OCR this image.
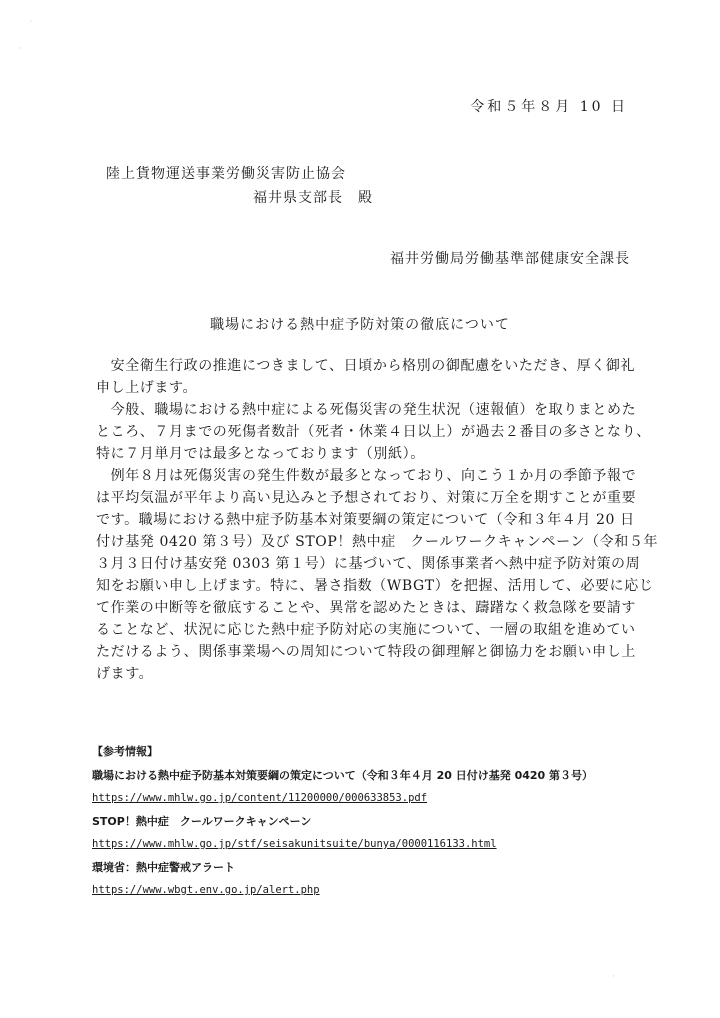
′
·
令和５年８月 10 日
陸上貨物運送事業労働災害防止協会
福井県支部長　殿
福井労働局労働基準部健康安全課長
職場における熱中症予防対策の徹底について

　安全衛生行政の推進につきまして、日頃から格別の御配慮をいただき、厚く御礼

申し上げます。

　今般、職場における熱中症による死傷災害の発生状況（速報値）を取りまとめた

ところ、７月までの死傷者数計（死者・休業４日以上）が過去２番目の多さとなり、

特に７月単月では最多となっております（別紙）。

　例年８月は死傷災害の発生件数が最多となっており、向こう１か月の季節予報で

は平均気温が平年より高い見込みと予想されており、対策に万全を期すことが重要

です。職場における熱中症予防基本対策要綱の策定について（令和３年４月 20 日

付け基発 0420 第３号）及び STOP！熱中症　クールワークキャンペーン（令和５年

３月３日付け基安発 0303 第１号）に基づいて、関係事業者へ熱中症予防対策の周

知をお願い申し上げます。特に、暑さ指数（WBGT）を把握、活用して、必要に応じ

て作業の中断等を徹底することや、異常を認めたときは、躊躇なく救急隊を要請す

ることなど、状況に応じた熱中症予防対応の実施について、一層の取組を進めてい

ただけるよう、関係事業場への周知について特段の御理解と御協力をお願い申し上

げます。

【参考情報】
職場における熱中症予防基本対策要綱の策定について（令和３年４月 20 日付け基発 0420 第３号）
https://www.mhlw.go.jp/content/11200000/000633853.pdf
STOP！熱中症　クールワークキャンペーン
https://www.mhlw.go.jp/stf/seisakunitsuite/bunya/0000116133.html
環境省：熱中症警戒アラート
https://www.wbgt.env.go.jp/alert.php
·
